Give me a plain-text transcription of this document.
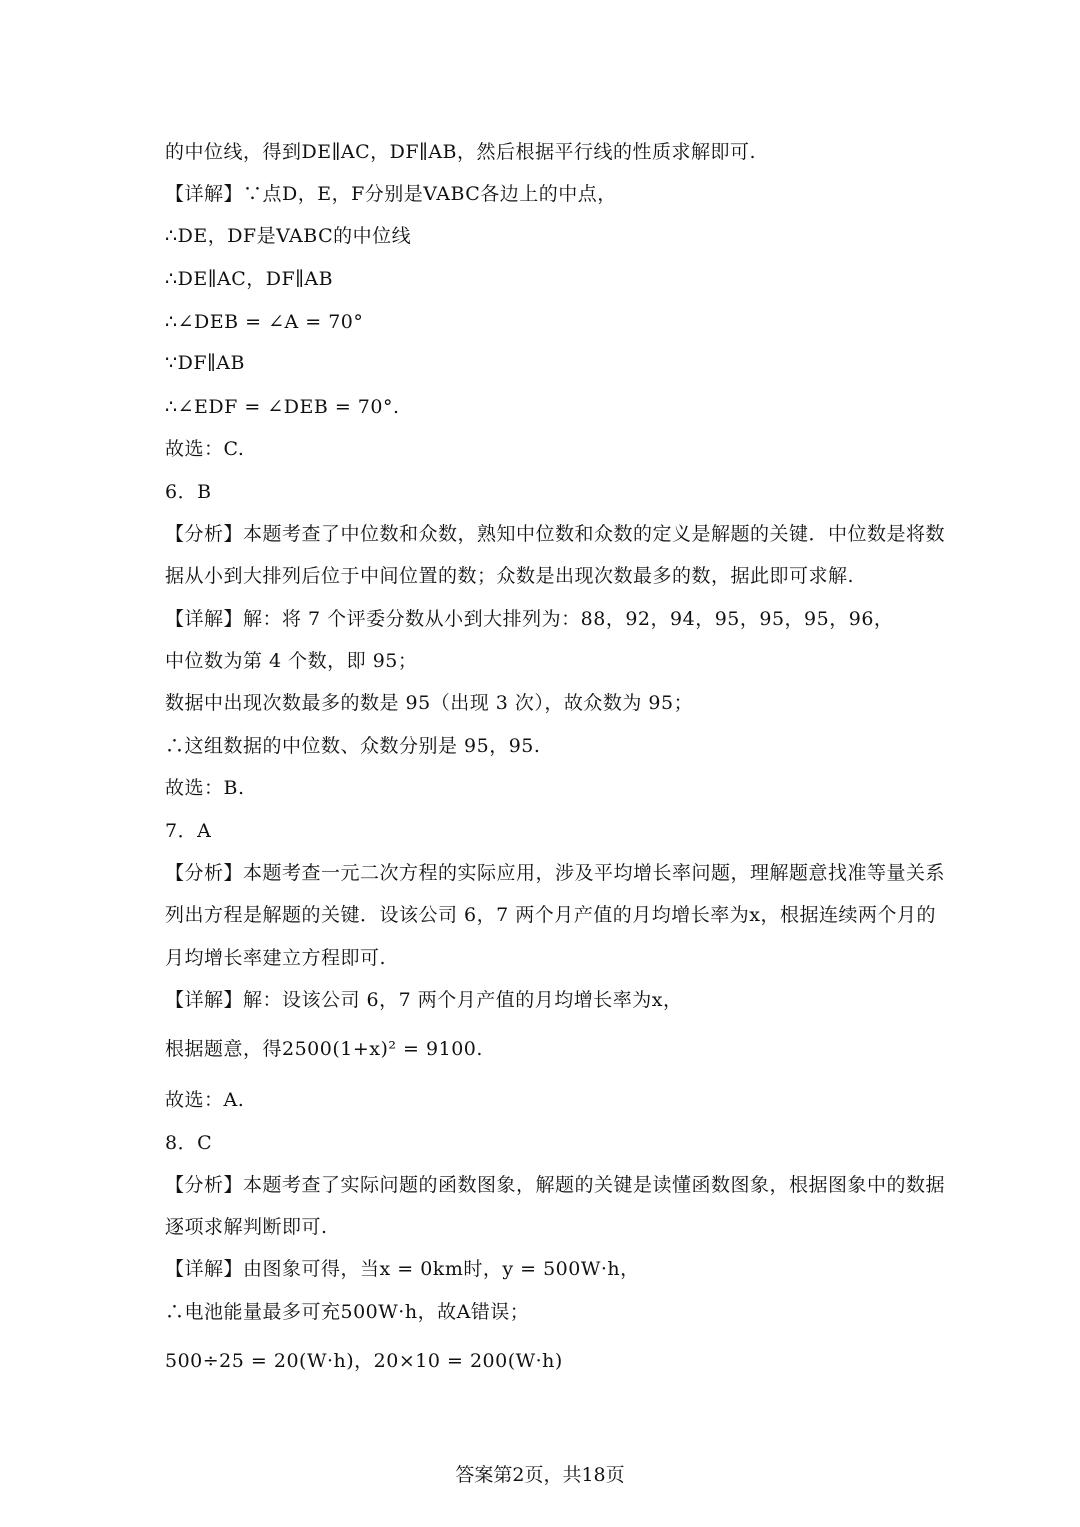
的中位线，得到DE∥AC，DF∥AB，然后根据平行线的性质求解即可.
【详解】∵点D，E，F分别是VABC各边上的中点，
∴DE，DF是VABC的中位线
∴DE∥AC，DF∥AB
∴∠DEB = ∠A = 70°
∵DF∥AB
∴∠EDF = ∠DEB = 70°.
故选：C.
6．B
【分析】本题考查了中位数和众数，熟知中位数和众数的定义是解题的关键．中位数是将数
据从小到大排列后位于中间位置的数；众数是出现次数最多的数，据此即可求解.
【详解】解：将 7 个评委分数从小到大排列为：88，92，94，95，95，95，96，
中位数为第 4 个数，即 95；
数据中出现次数最多的数是 95（出现 3 次），故众数为 95；
∴这组数据的中位数、众数分别是 95，95.
故选：B.
7．A
【分析】本题考查一元二次方程的实际应用，涉及平均增长率问题，理解题意找准等量关系
列出方程是解题的关键．设该公司 6，7 两个月产值的月均增长率为x，根据连续两个月的
月均增长率建立方程即可.
【详解】解：设该公司 6，7 两个月产值的月均增长率为x，
根据题意，得2500(1+x)² = 9100.
故选：A.
8．C
【分析】本题考查了实际问题的函数图象，解题的关键是读懂函数图象，根据图象中的数据
逐项求解判断即可.
【详解】由图象可得，当x = 0km时，y = 500W·h，
∴电池能量最多可充500W·h，故A错误；
500÷25 = 20(W·h)，20×10 = 200(W·h)
答案第2页，共18页
